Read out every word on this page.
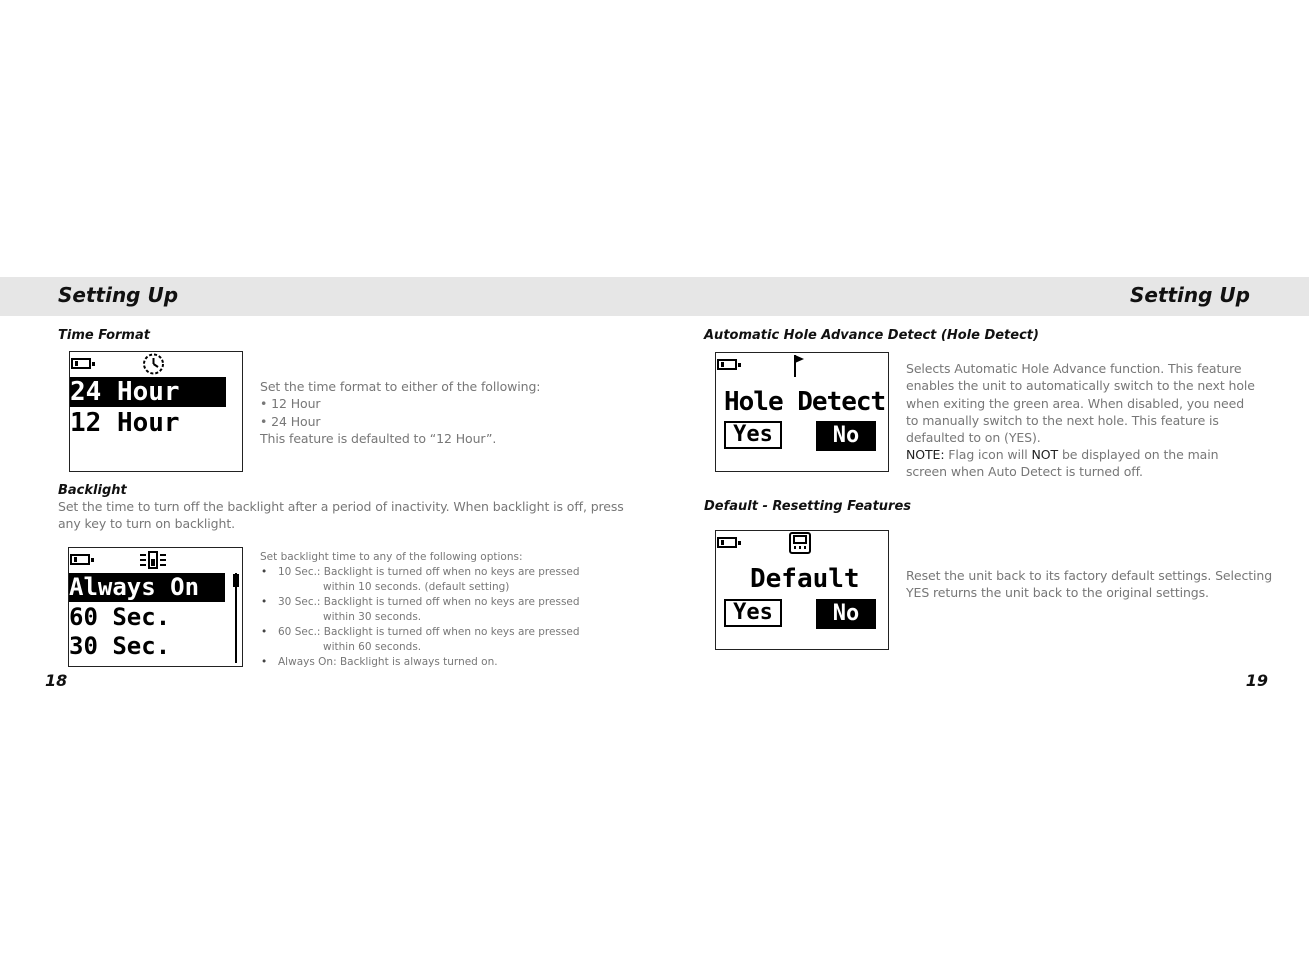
Setting Up	Setting Up
Time Format
24 Hour
12 Hour

Set the time format to either of the following:

• 12 Hour

• 24 Hour

This feature is defaulted to “12 Hour”.

Backlight

Set the time to turn off the backlight after a period of inactivity. When backlight is off, press

any key to turn on backlight.

Always On
60 Sec.
30 Sec.

Set backlight time to any of the following options:

• 10 Sec.: Backlight is turned off when no keys are pressed
within 10 seconds. (default setting)
• 30 Sec.: Backlight is turned off when no keys are pressed
within 30 seconds.
• 60 Sec.: Backlight is turned off when no keys are pressed
within 60 seconds.
• Always On: Backlight is always turned on.

18

Automatic Hole Advance Detect (Hole Detect)
Hole Detect
Yes	No

Selects Automatic Hole Advance function. This feature

enables the unit to automatically switch to the next hole

when exiting the green area. When disabled, you need

to manually switch to the next hole. This feature is

defaulted to on (YES).

NOTE: Flag icon will NOT be displayed on the main

screen when Auto Detect is turned off.

Default - Resetting Features
Default
Yes	No

Reset the unit back to its factory default settings. Selecting

YES returns the unit back to the original settings.

19
